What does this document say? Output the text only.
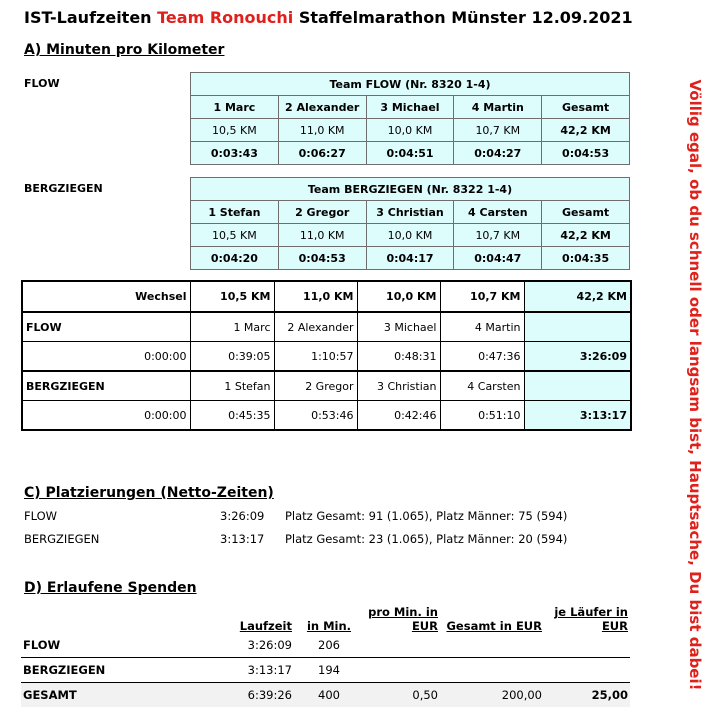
IST-Laufzeiten Team Ronouchi Staffelmarathon Münster 12.09.2021
A) Minuten pro Kilometer
FLOW	Team FLOW (Nr. 8320 1-4)				
1 Marc	2 Alexander	3 Michael	4 Martin	Gesamt
10,5 KM	11,0 KM	10,0 KM	10,7 KM	42,2 KM
0:03:43	0:06:27	0:04:51	0:04:27	0:04:53
BERGZIEGEN	Team BERGZIEGEN (Nr. 8322 1-4)				
1 Stefan	2 Gregor	3 Christian	4 Carsten	Gesamt
10,5 KM	11,0 KM	10,0 KM	10,7 KM	42,2 KM
0:04:20	0:04:53	0:04:17	0:04:47	0:04:35
Wechsel	10,5 KM	11,0 KM	10,0 KM	10,7 KM	42,2 KM
FLOW	1 Marc	2 Alexander	3 Michael	4 Martin	
0:00:00	0:39:05	1:10:57	0:48:31	0:47:36	3:26:09
BERGZIEGEN	1 Stefan	2 Gregor	3 Christian	4 Carsten	
0:00:00	0:45:35	0:53:46	0:42:46	0:51:10	3:13:17
C) Platzierungen (Netto-Zeiten)
FLOW	3:26:09 Platz Gesamt: 91 (1.065), Platz Männer: 75 (594)
BERGZIEGEN	3:13:17 Platz Gesamt: 23 (1.065), Platz Männer: 20 (594)
D) Erlaufene Spenden
	Laufzeit	in Min.	pro Min. in EUR	Gesamt in EUR	je Läufer in EUR
FLOW	3:26:09	206			
BERGZIEGEN	3:13:17	194			
GESAMT	6:39:26	400	0,50	200,00	25,00
Völlig egal, ob du schnell oder langsam bist, Hauptsache, Du bist dabei!
